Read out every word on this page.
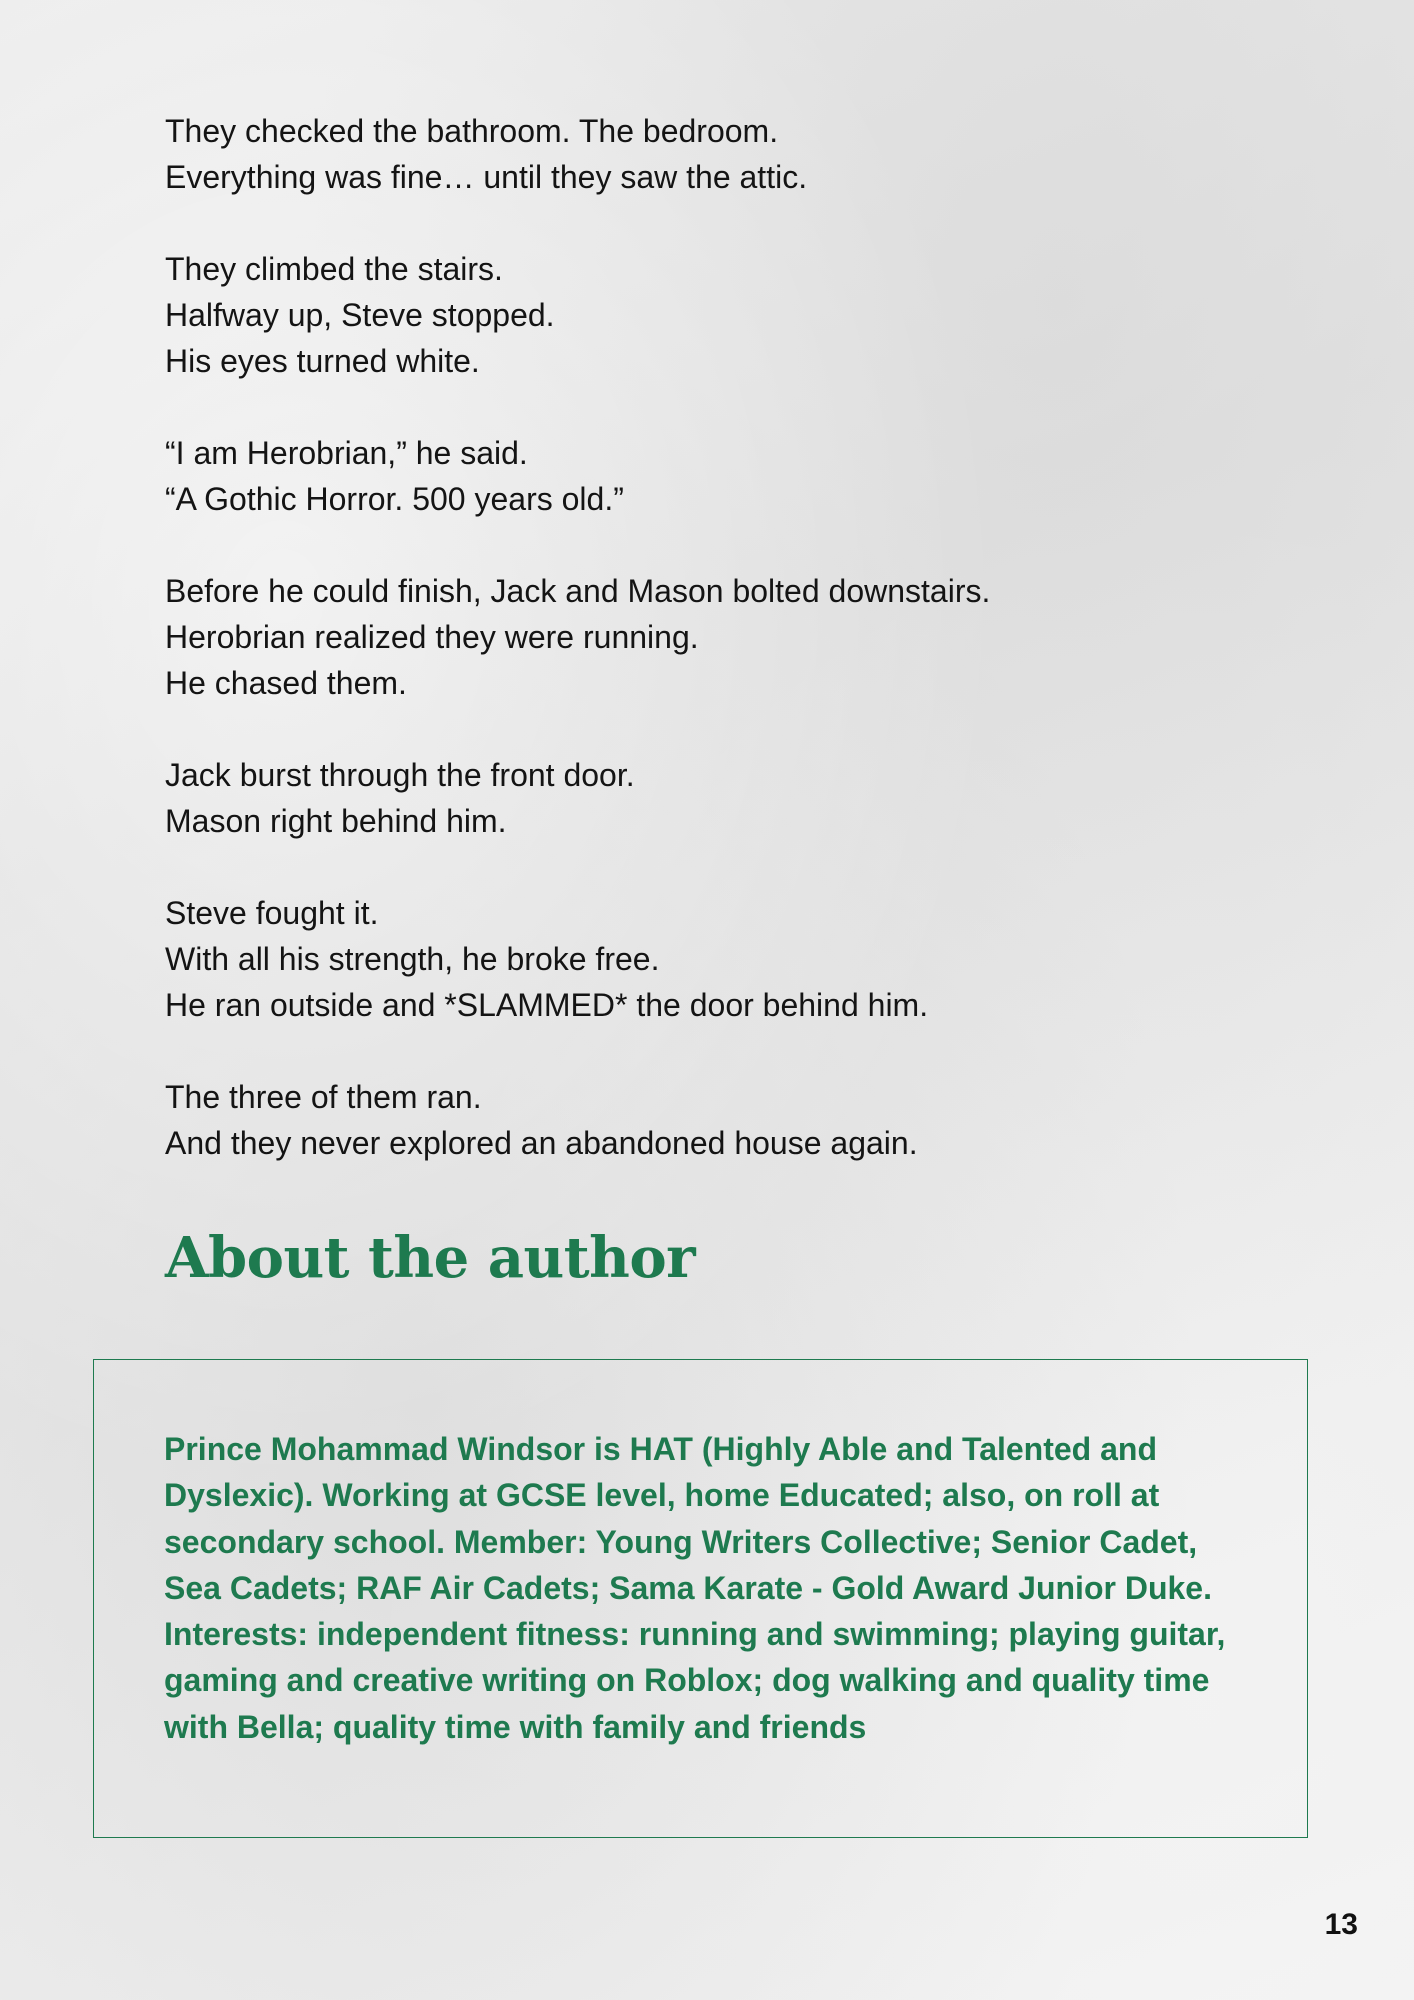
They checked the bathroom. The bedroom.
Everything was fine… until they saw the attic.
They climbed the stairs.
Halfway up, Steve stopped.
His eyes turned white.
“I am Herobrian,” he said.
“A Gothic Horror. 500 years old.”
Before he could finish, Jack and Mason bolted downstairs.
Herobrian realized they were running.
He chased them.
Jack burst through the front door.
Mason right behind him.
Steve fought it.
With all his strength, he broke free.
He ran outside and *SLAMMED* the door behind him.
The three of them ran.
And they never explored an abandoned house again.
About the author

Prince Mohammad Windsor is HAT (Highly Able and Talented and Dyslexic). Working at GCSE level, home Educated; also, on roll at secondary school. Member: Young Writers Collective; Senior Cadet, Sea Cadets; RAF Air Cadets; Sama Karate - Gold Award Junior Duke. Interests: independent fitness: running and swimming; playing guitar, gaming and creative writing on Roblox; dog walking and quality time with Bella; quality time with family and friends

13
